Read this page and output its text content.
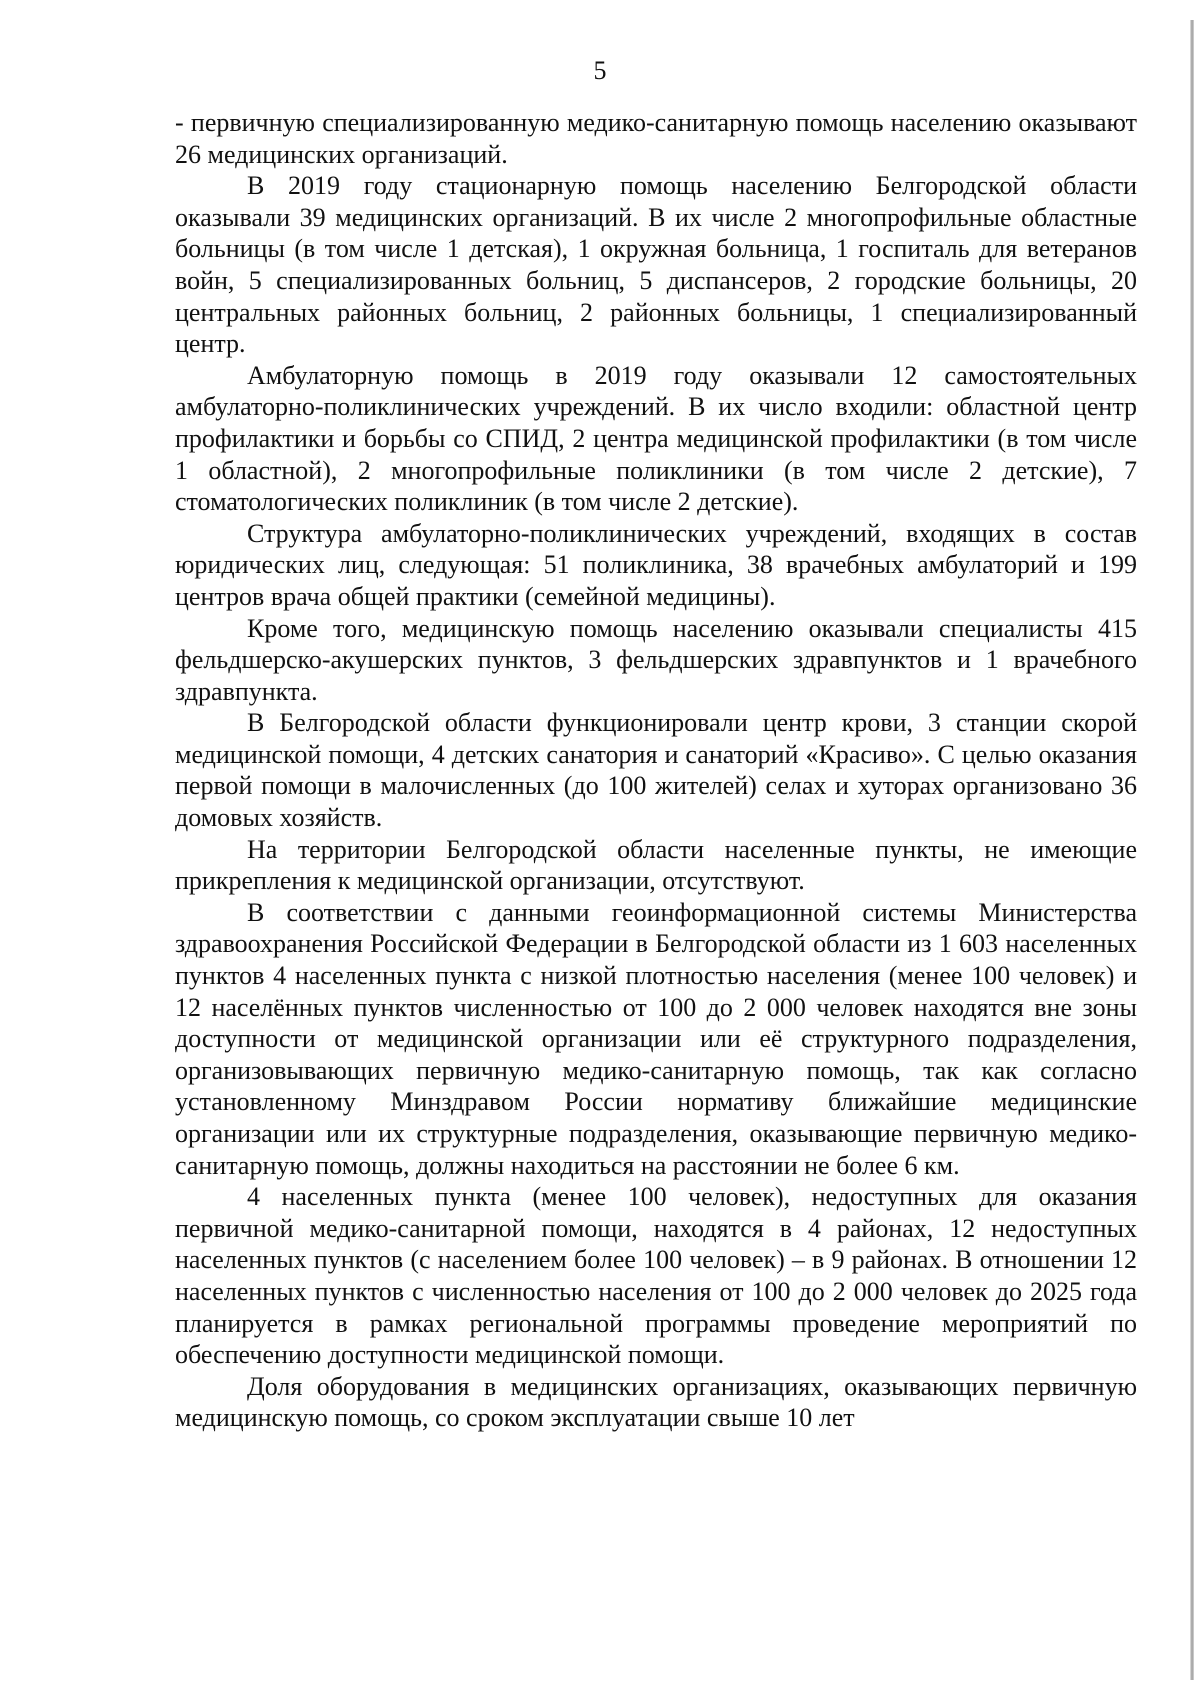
5

- первичную специализированную медико-санитарную помощь населению оказывают 26 медицинских организаций.

В 2019 году стационарную помощь населению Белгородской области оказывали 39 медицинских организаций. В их числе 2 многопрофильные областные больницы (в том числе 1 детская), 1 окружная больница, 1 госпиталь для ветеранов войн, 5 специализированных больниц, 5 диспансеров, 2 городские больницы, 20 центральных районных больниц, 2 районных больницы, 1 специализированный центр.

Амбулаторную помощь в 2019 году оказывали 12 самостоятельных амбулаторно-поликлинических учреждений. В их число входили: областной центр профилактики и борьбы со СПИД, 2 центра медицинской профилактики (в том числе 1 областной), 2 многопрофильные поликлиники (в том числе 2 детские), 7 стоматологических поликлиник (в том числе 2 детские).

Структура амбулаторно-поликлинических учреждений, входящих в состав юридических лиц, следующая: 51 поликлиника, 38 врачебных амбулаторий и 199 центров врача общей практики (семейной медицины).

Кроме того, медицинскую помощь населению оказывали специалисты 415 фельдшерско-акушерских пунктов, 3 фельдшерских здравпунктов и 1 врачебного здравпункта.

В Белгородской области функционировали центр крови, 3 станции скорой медицинской помощи, 4 детских санатория и санаторий «Красиво». С целью оказания первой помощи в малочисленных (до 100 жителей) селах и хуторах организовано 36 домовых хозяйств.

На территории Белгородской области населенные пункты, не имеющие прикрепления к медицинской организации, отсутствуют.

В соответствии с данными геоинформационной системы Министерства здравоохранения Российской Федерации в Белгородской области из 1 603 населенных пунктов 4 населенных пункта с низкой плотностью населения (менее 100 человек) и 12 населённых пунктов численностью от 100 до 2 000 человек находятся вне зоны доступности от медицинской организации или её структурного подразделения, организовывающих первичную медико-санитарную помощь, так как согласно установленному Минздравом России нормативу ближайшие медицинские организации или их структурные подразделения, оказывающие первичную медико-санитарную помощь, должны находиться на расстоянии не более 6 км.

4 населенных пункта (менее 100 человек), недоступных для оказания первичной медико-санитарной помощи, находятся в 4 районах, 12 недоступных населенных пунктов (с населением более 100 человек) – в 9 районах. В отношении 12 населенных пунктов с численностью населения от 100 до 2 000 человек до 2025 года планируется в рамках региональной программы проведение мероприятий по обеспечению доступности медицинской помощи.

Доля оборудования в медицинских организациях, оказывающих первичную медицинскую помощь, со сроком эксплуатации свыше 10 лет
